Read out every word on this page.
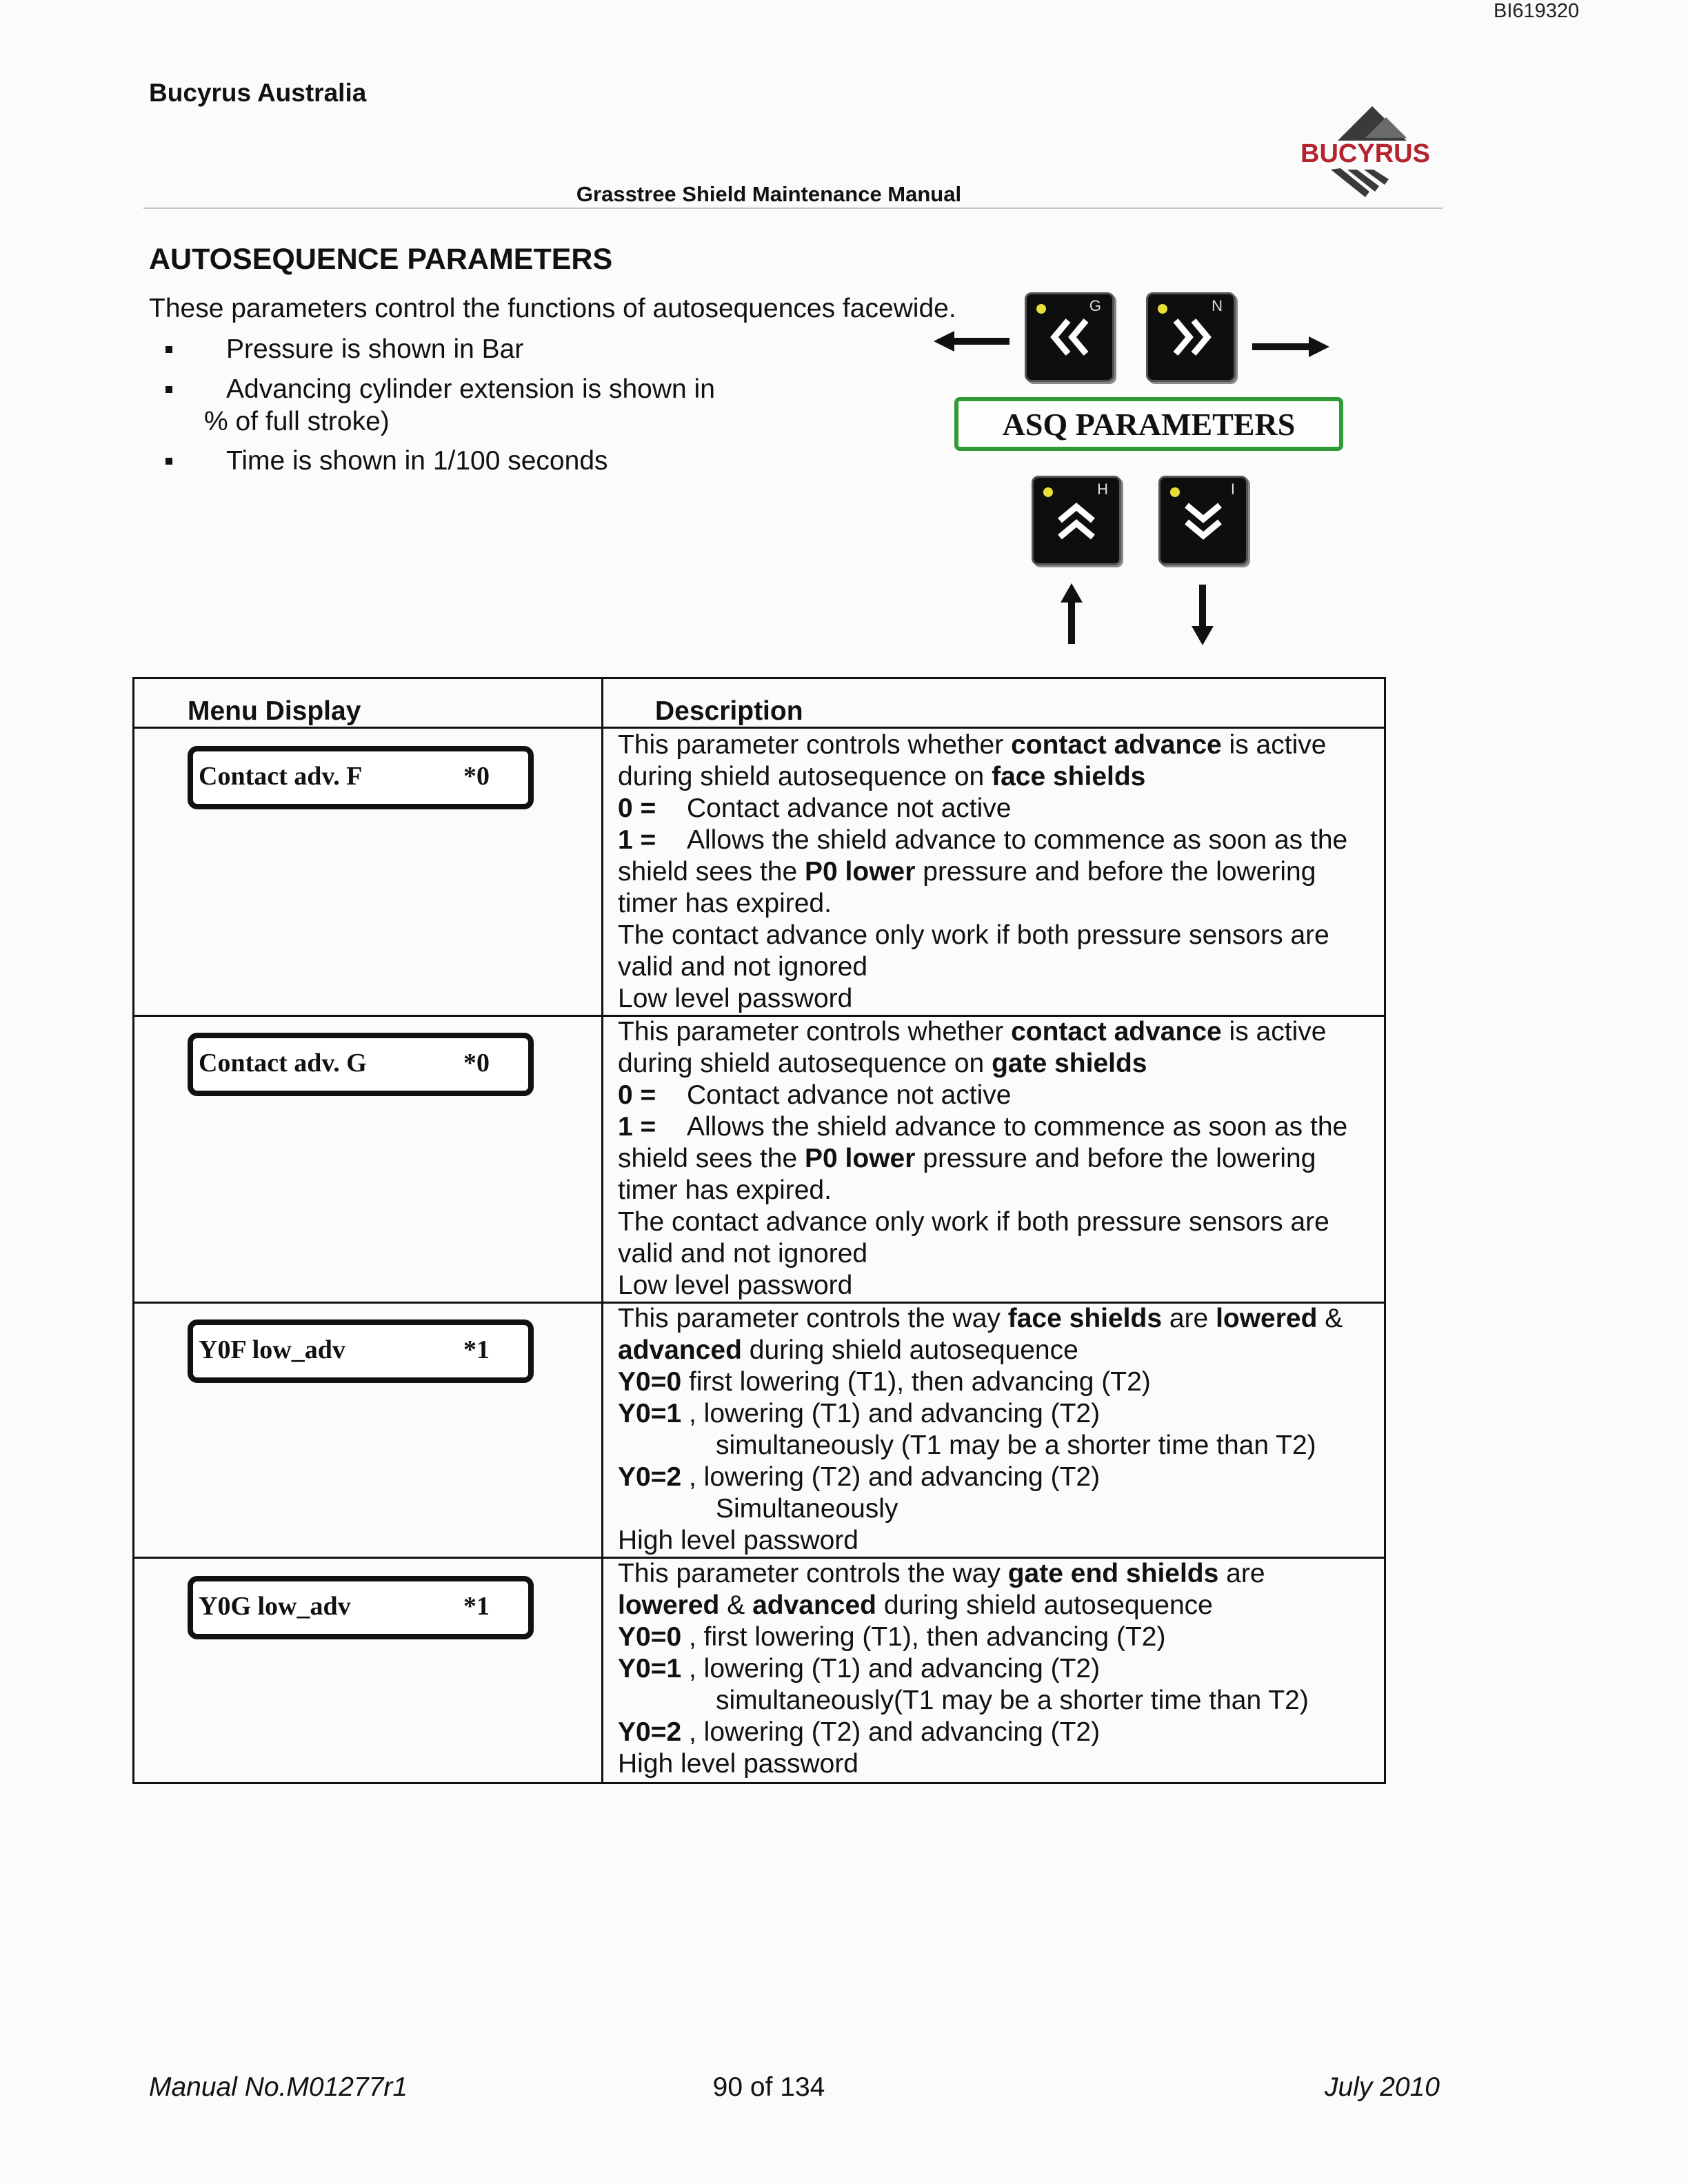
BI619320
Bucyrus Australia
Grasstree Shield Maintenance Manual
BUCYRUS
AUTOSEQUENCE PARAMETERS
These parameters control the functions of autosequences facewide.
Pressure is shown in Bar
Advancing cylinder extension is shown in
% of full stroke)
Time is shown in 1/100 seconds
G	N
ASQ PARAMETERS
H	I
Menu Display	Description
Contact adv. F	*0
This parameter controls whether contact advance is active
during shield autosequence on face shields
0 = Contact advance not active
1 = Allows the shield advance to commence as soon as the
shield sees the P0 lower pressure and before the lowering
timer has expired.
The contact advance only work if both pressure sensors are
valid and not ignored
Low level password
Contact adv. G	*0
This parameter controls whether contact advance is active
during shield autosequence on gate shields
0 = Contact advance not active
1 = Allows the shield advance to commence as soon as the
shield sees the P0 lower pressure and before the lowering
timer has expired.
The contact advance only work if both pressure sensors are
valid and not ignored
Low level password
Y0F low_adv	*1
This parameter controls the way face shields are lowered &
advanced during shield autosequence
Y0=0 first lowering (T1), then advancing (T2)
Y0=1 , lowering (T1) and advancing (T2)
simultaneously (T1 may be a shorter time than T2)
Y0=2 , lowering (T2) and advancing (T2)
Simultaneously
High level password
Y0G low_adv	*1
This parameter controls the way gate end shields are
lowered & advanced during shield autosequence
Y0=0 , first lowering (T1), then advancing (T2)
Y0=1 , lowering (T1) and advancing (T2)
simultaneously(T1 may be a shorter time than T2)
Y0=2 , lowering (T2) and advancing (T2)
High level password
Manual No.M01277r1	90 of 134	July 2010
